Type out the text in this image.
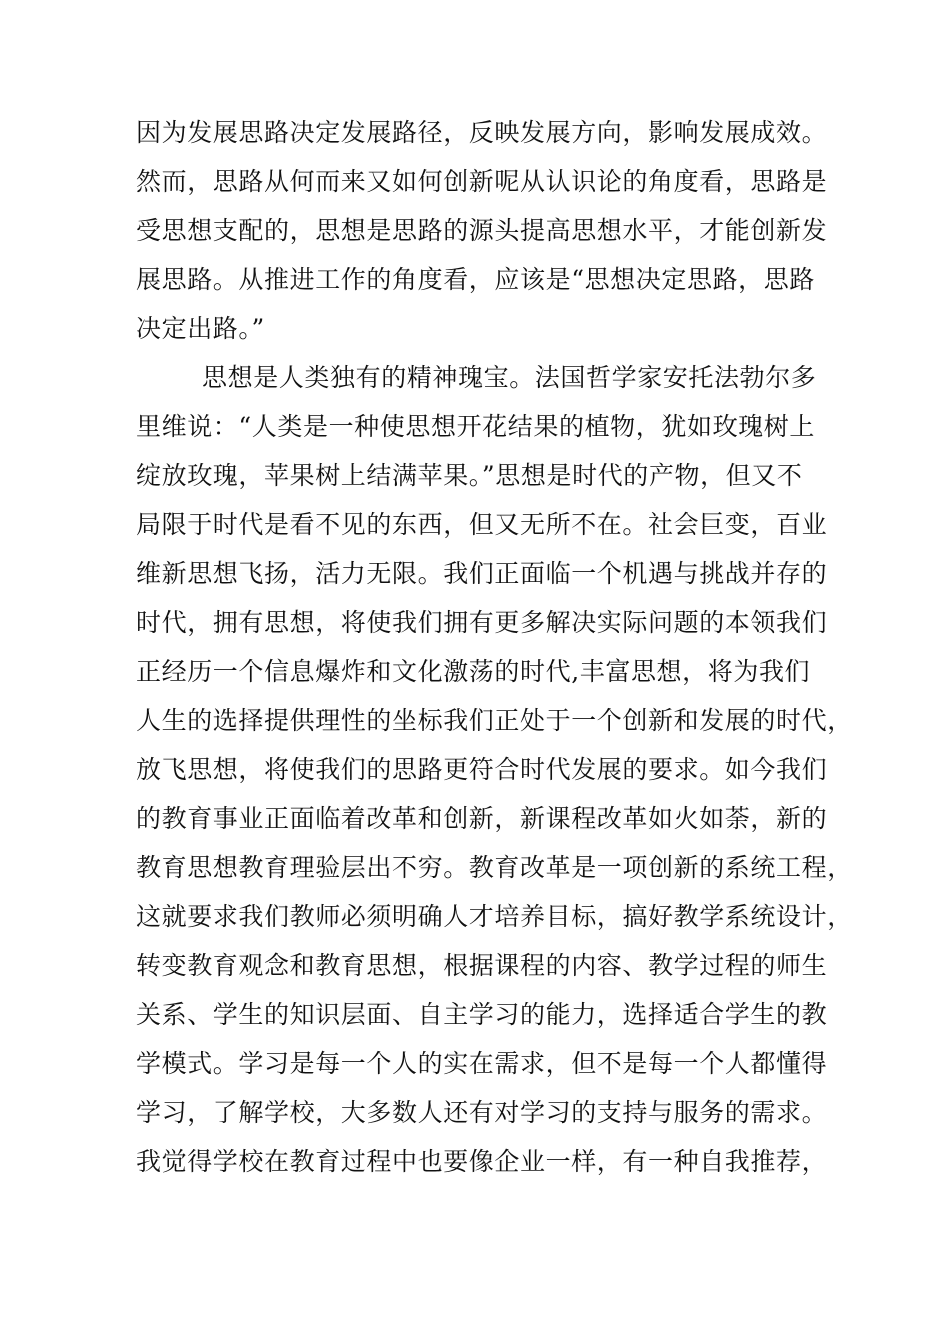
因为发展思路决定发展路径，反映发展方向，影响发展成效。
然而，思路从何而来又如何创新呢从认识论的角度看，思路是
受思想支配的，思想是思路的源头提高思想水平，才能创新发
展思路。从推进工作的角度看，应该是“思想决定思路，思路
决定出路。”
思想是人类独有的精神瑰宝。法国哲学家安托法勃尔多
里维说：“人类是一种使思想开花结果的植物，犹如玫瑰树上
绽放玫瑰，苹果树上结满苹果。”思想是时代的产物，但又不
局限于时代是看不见的东西，但又无所不在。社会巨变，百业
维新思想飞扬，活力无限。我们正面临一个机遇与挑战并存的
时代，拥有思想，将使我们拥有更多解决实际问题的本领我们
正经历一个信息爆炸和文化激荡的时代,丰富思想，将为我们
人生的选择提供理性的坐标我们正处于一个创新和发展的时代，
放飞思想，将使我们的思路更符合时代发展的要求。如今我们
的教育事业正面临着改革和创新，新课程改革如火如荼，新的
教育思想教育理验层出不穷。教育改革是一项创新的系统工程，
这就要求我们教师必须明确人才培养目标，搞好教学系统设计，
转变教育观念和教育思想，根据课程的内容、教学过程的师生
关系、学生的知识层面、自主学习的能力，选择适合学生的教
学模式。学习是每一个人的实在需求，但不是每一个人都懂得
学习，了解学校，大多数人还有对学习的支持与服务的需求。
我觉得学校在教育过程中也要像企业一样，有一种自我推荐，
